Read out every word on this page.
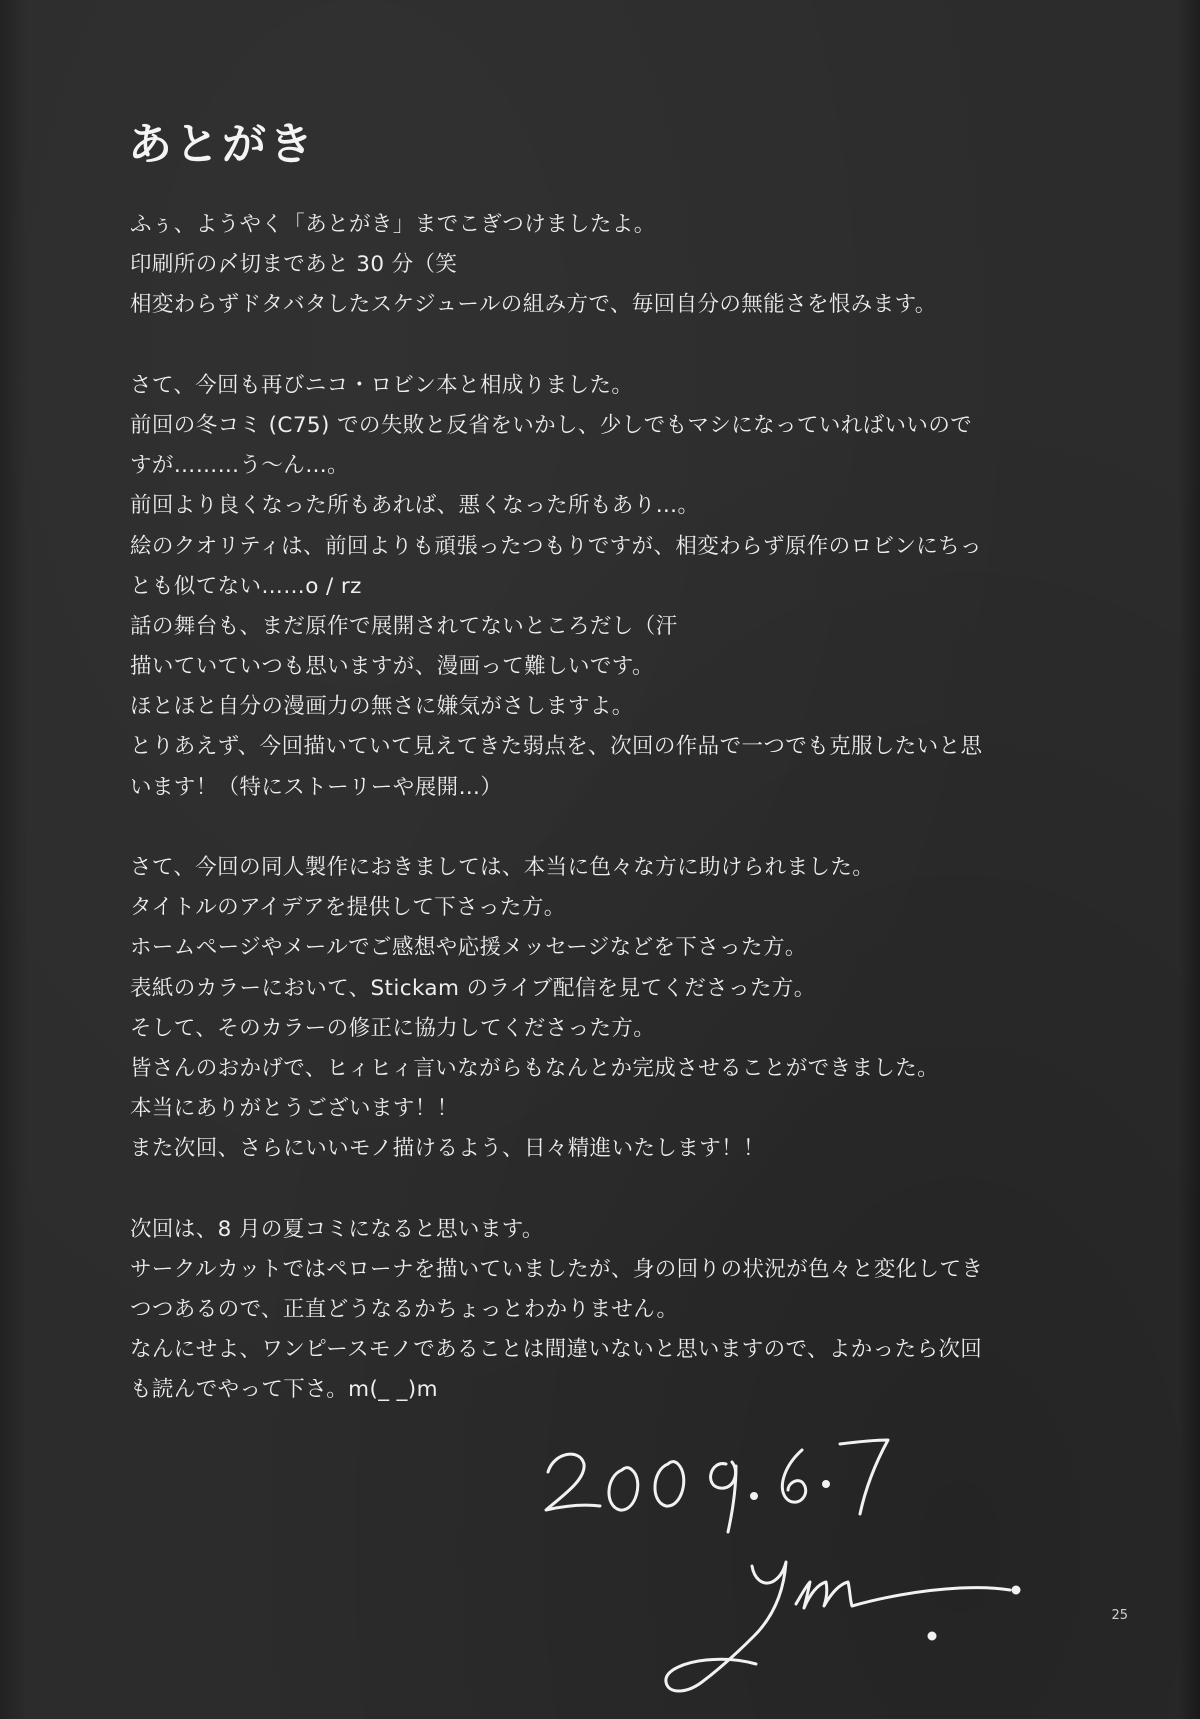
あとがき
ふぅ、ようやく「あとがき」までこぎつけましたよ。
印刷所の〆切まであと 30 分（笑
相変わらずドタバタしたスケジュールの組み方で、毎回自分の無能さを恨みます。
さて、今回も再びニコ・ロビン本と相成りました。
前回の冬コミ (C75) での失敗と反省をいかし、少しでもマシになっていればいいので
すが………う～ん…。
前回より良くなった所もあれば、悪くなった所もあり…。
絵のクオリティは、前回よりも頑張ったつもりですが、相変わらず原作のロビンにちっ
とも似てない……o / rz
話の舞台も、まだ原作で展開されてないところだし（汗
描いていていつも思いますが、漫画って難しいです。
ほとほと自分の漫画力の無さに嫌気がさしますよ。
とりあえず、今回描いていて見えてきた弱点を、次回の作品で一つでも克服したいと思
います！（特にストーリーや展開…）
さて、今回の同人製作におきましては、本当に色々な方に助けられました。
タイトルのアイデアを提供して下さった方。
ホームページやメールでご感想や応援メッセージなどを下さった方。
表紙のカラーにおいて、Stickam のライブ配信を見てくださった方。
そして、そのカラーの修正に協力してくださった方。
皆さんのおかげで、ヒィヒィ言いながらもなんとか完成させることができました。
本当にありがとうございます！！
また次回、さらにいいモノ描けるよう、日々精進いたします！！
次回は、8 月の夏コミになると思います。
サークルカットではペローナを描いていましたが、身の回りの状況が色々と変化してき
つつあるので、正直どうなるかちょっとわかりません。
なんにせよ、ワンピースモノであることは間違いないと思いますので、よかったら次回
も読んでやって下さ。m(_ _)m
25
